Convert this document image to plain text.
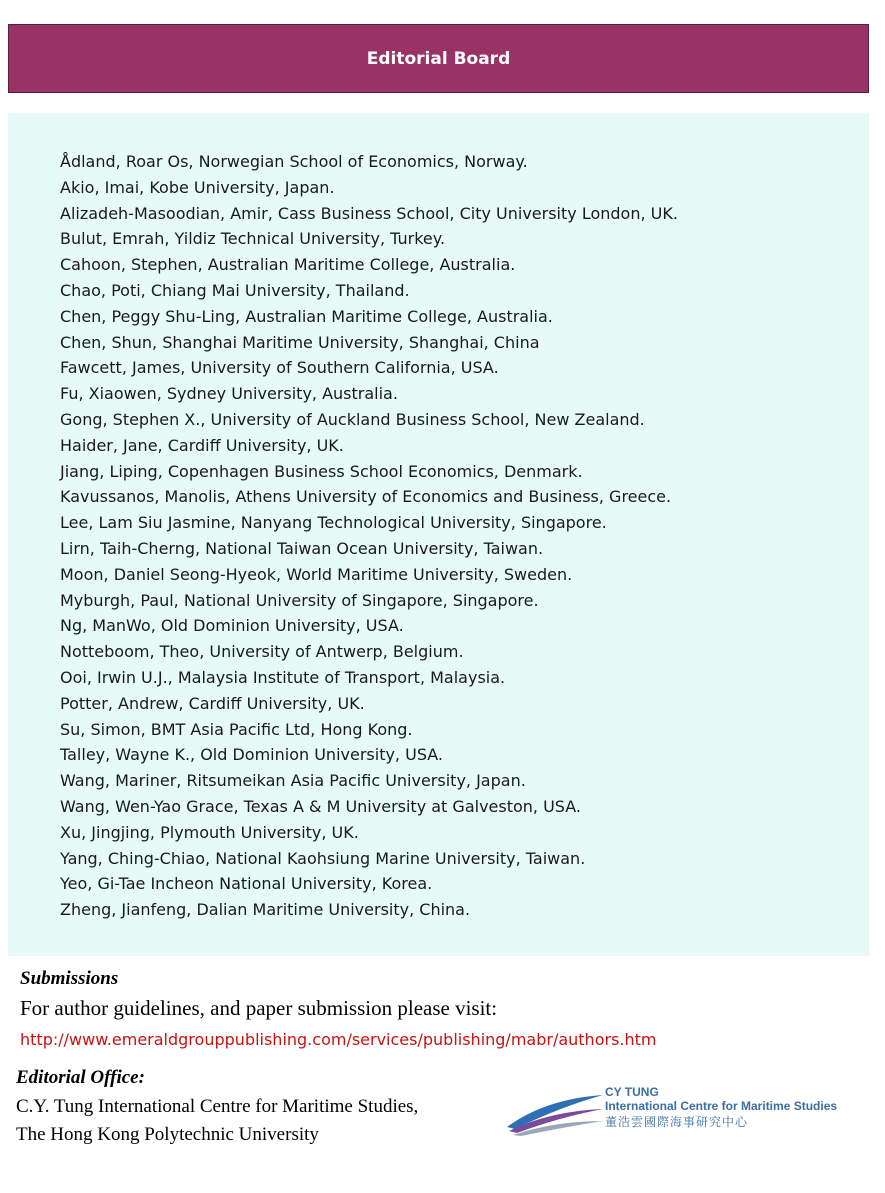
Editorial Board
Ådland, Roar Os, Norwegian School of Economics, Norway.
Akio, Imai, Kobe University, Japan.
Alizadeh-Masoodian, Amir, Cass Business School, City University London, UK.
Bulut, Emrah, Yildiz Technical University, Turkey.
Cahoon, Stephen, Australian Maritime College, Australia.
Chao, Poti, Chiang Mai University, Thailand.
Chen, Peggy Shu-Ling, Australian Maritime College, Australia.
Chen, Shun, Shanghai Maritime University, Shanghai, China
Fawcett, James, University of Southern California, USA.
Fu, Xiaowen, Sydney University, Australia.
Gong, Stephen X., University of Auckland Business School, New Zealand.
Haider, Jane, Cardiff University, UK.
Jiang, Liping, Copenhagen Business School Economics, Denmark.
Kavussanos, Manolis, Athens University of Economics and Business, Greece.
Lee, Lam Siu Jasmine, Nanyang Technological University, Singapore.
Lirn, Taih-Cherng, National Taiwan Ocean University, Taiwan.
Moon, Daniel Seong-Hyeok, World Maritime University, Sweden.
Myburgh, Paul, National University of Singapore, Singapore.
Ng, ManWo, Old Dominion University, USA.
Notteboom, Theo, University of Antwerp, Belgium.
Ooi, Irwin U.J., Malaysia Institute of Transport, Malaysia.
Potter, Andrew, Cardiff University, UK.
Su, Simon, BMT Asia Pacific Ltd, Hong Kong.
Talley, Wayne K., Old Dominion University, USA.
Wang, Mariner, Ritsumeikan Asia Pacific University, Japan.
Wang, Wen-Yao Grace, Texas A & M University at Galveston, USA.
Xu, Jingjing, Plymouth University, UK.
Yang, Ching-Chiao, National Kaohsiung Marine University, Taiwan.
Yeo, Gi-Tae Incheon National University, Korea.
Zheng, Jianfeng, Dalian Maritime University, China.
Submissions
For author guidelines, and paper submission please visit:
http://www.emeraldgrouppublishing.com/services/publishing/mabr/authors.htm
Editorial Office:
C.Y. Tung International Centre for Maritime Studies,
The Hong Kong Polytechnic University
CY TUNG
International Centre for Maritime Studies
董浩雲國際海事研究中心
